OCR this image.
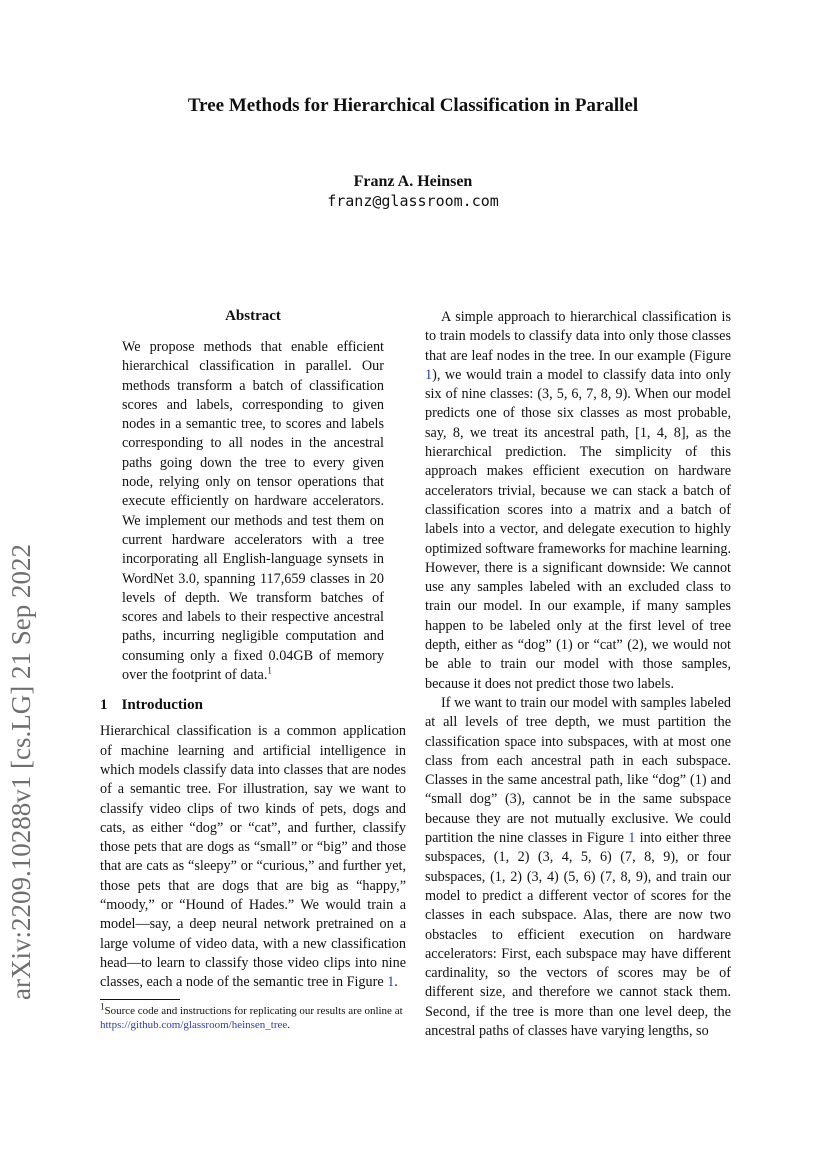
Tree Methods for Hierarchical Classification in Parallel
Franz A. Heinsen
franz@glassroom.com
arXiv:2209.10288v1 [cs.LG] 21 Sep 2022
Abstract
We propose methods that enable efficient hierarchical classification in parallel. Our methods transform a batch of classification scores and labels, corresponding to given nodes in a semantic tree, to scores and labels corresponding to all nodes in the ancestral paths going down the tree to every given node, relying only on tensor operations that execute efficiently on hardware accelerators. We implement our methods and test them on current hardware accelerators with a tree incorporating all English-language synsets in WordNet 3.0, spanning 117,659 classes in 20 levels of depth. We transform batches of scores and labels to their respective ancestral paths, incurring negligible computation and consuming only a fixed 0.04GB of memory over the footprint of data.$^1$
1 Introduction

Hierarchical classification is a common application of machine learning and artificial intelligence in which models classify data into classes that are nodes of a semantic tree. For illustration, say we want to classify video clips of two kinds of pets, dogs and cats, as either “dog” or “cat”, and further, classify those pets that are dogs as “small” or “big” and those that are cats as “sleepy” or “curious,” and further yet, those pets that are dogs that are big as “happy,” “moody,” or “Hound of Hades.” We would train a model—say, a deep neural network pretrained on a large volume of video data, with a new classification head—to learn to classify those video clips into nine classes, each a node of the semantic tree in Figure 1.

$^1$Source code and instructions for replicating our results are online at https://github.com/glassroom/heinsen_tree.

A simple approach to hierarchical classification is to train models to classify data into only those classes that are leaf nodes in the tree. In our example (Figure 1), we would train a model to classify data into only six of nine classes: (3, 5, 6, 7, 8, 9). When our model predicts one of those six classes as most probable, say, 8, we treat its ancestral path, [1, 4, 8], as the hierarchical prediction. The simplicity of this approach makes efficient execution on hardware accelerators trivial, because we can stack a batch of classification scores into a matrix and a batch of labels into a vector, and delegate execution to highly optimized software frameworks for machine learning. However, there is a significant downside: We cannot use any samples labeled with an excluded class to train our model. In our example, if many samples happen to be labeled only at the first level of tree depth, either as “dog” (1) or “cat” (2), we would not be able to train our model with those samples, because it does not predict those two labels.

If we want to train our model with samples labeled at all levels of tree depth, we must partition the classification space into subspaces, with at most one class from each ancestral path in each subspace. Classes in the same ancestral path, like “dog” (1) and “small dog” (3), cannot be in the same subspace because they are not mutually exclusive. We could partition the nine classes in Figure 1 into either three subspaces, (1, 2) (3, 4, 5, 6) (7, 8, 9), or four subspaces, (1, 2) (3, 4) (5, 6) (7, 8, 9), and train our model to predict a different vector of scores for the classes in each subspace. Alas, there are now two obstacles to efficient execution on hardware accelerators: First, each subspace may have different cardinality, so the vectors of scores may be of different size, and therefore we cannot stack them. Second, if the tree is more than one level deep, the ancestral paths of classes have varying lengths, so
